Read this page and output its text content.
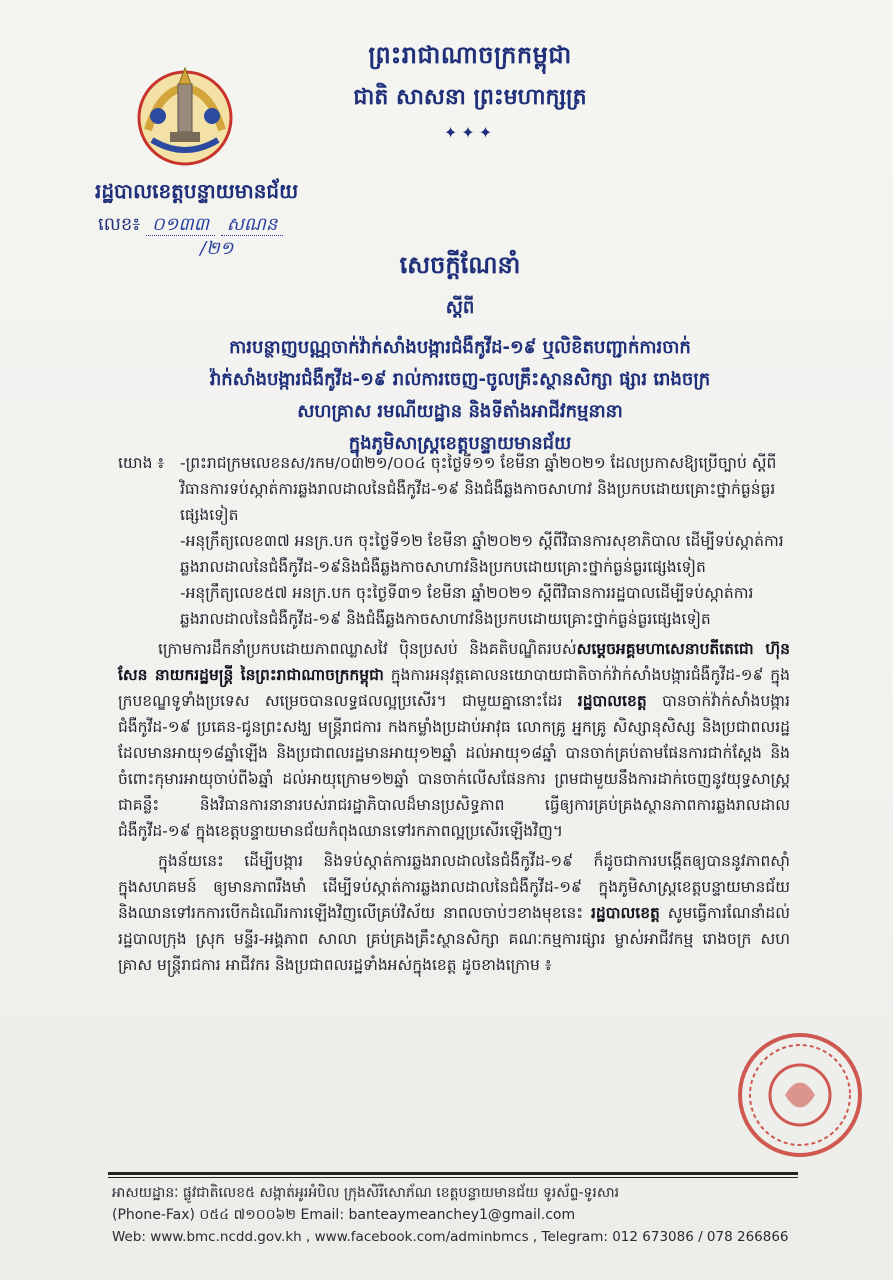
ព្រះរាជាណាចក្រកម្ពុជា
ជាតិ សាសនា ព្រះមហាក្សត្រ
✦✦✦
រដ្ឋបាលខេត្តបន្ទាយមានជ័យ
លេខ៖ ០១៣៣ សណន
/២១
សេចក្ដីណែនាំ
ស្ដីពី
ការបន្ថាញបណ្ណចាក់វ៉ាក់សាំងបង្ការជំងឺកូវីដ-១៩ ឬលិខិតបញ្ជាក់ការចាក់
វ៉ាក់សាំងបង្ការជំងឺកូវីដ-១៩ រាល់ការចេញ-ចូលគ្រឹះស្ថានសិក្សា ផ្សារ រោងចក្រ
សហគ្រាស រមណីយដ្ឋាន និងទីតាំងអាជីវកម្មនានា
ក្នុងភូមិសាស្ត្រខេត្តបន្ទាយមានជ័យ
យោង ៖	-ព្រះរាជក្រមលេខនស/រកម/០៣២១/០០៤ ចុះថ្ងៃទី១១ ខែមីនា ឆ្នាំ២០២១ ដែលប្រកាសឱ្យប្រើច្បាប់ ស្តីពីវិធានការទប់ស្កាត់ការឆ្លងរាលដាលនៃជំងឺកូវីដ-១៩ និងជំងឺឆ្លងកាចសាហាវ និងប្រកបដោយគ្រោះថ្នាក់ធ្ងន់ធ្ងរផ្សេងទៀត
-អនុក្រឹត្យលេខ៣៧ អនក្រ.បក ចុះថ្ងៃទី១២ ខែមីនា ឆ្នាំ២០២១ ស្តីពីវិធានការសុខាភិបាល ដើម្បីទប់ស្កាត់ការឆ្លងរាលដាលនៃជំងឺកូវីដ-១៩និងជំងឺឆ្លងកាចសាហាវនិងប្រកបដោយគ្រោះថ្នាក់ធ្ងន់ធ្ងរផ្សេងទៀត
-អនុក្រឹត្យលេខ៥៧ អនក្រ.បក ចុះថ្ងៃទី៣១ ខែមីនា ឆ្នាំ២០២១ ស្តីពីវិធានការរដ្ឋបាលដើម្បីទប់ស្កាត់ការឆ្លងរាលដាលនៃជំងឺកូវីដ-១៩ និងជំងឺឆ្លងកាចសាហាវនិងប្រកបដោយគ្រោះថ្នាក់ធ្ងន់ធ្ងរផ្សេងទៀត
ក្រោមការដឹកនាំប្រកបដោយភាពឈ្លាសវៃ ប៉ិនប្រសប់ និងគតិបណ្ឌិតរបស់សម្តេចអគ្គមហាសេនាបតីតេជោ ហ៊ុន សែន នាយករដ្ឋមន្ត្រី នៃព្រះរាជាណាចក្រកម្ពុជា ក្នុងការអនុវត្តគោលនយោបាយជាតិចាក់វ៉ាក់សាំងបង្ការជំងឺកូវីដ-១៩ ក្នុងក្របខណ្ឌទូទាំងប្រទេស សម្រេចបានលទ្ធផលល្អប្រសើរ។ ជាមួយគ្នានោះដែរ រដ្ឋបាលខេត្ត បានចាក់វ៉ាក់សាំងបង្ការជំងឺកូវីដ-១៩ ប្រគេន-ជូនព្រះសង្ឃ មន្ត្រីរាជការ កងកម្លាំងប្រដាប់អាវុធ លោកគ្រូ អ្នកគ្រូ សិស្សានុសិស្ស និងប្រជាពលរដ្ឋ ដែលមានអាយុ១៨ឆ្នាំឡើង និងប្រជាពលរដ្ឋមានអាយុ១២ឆ្នាំ ដល់អាយុ១៨ឆ្នាំ បានចាក់គ្រប់តាមផែនការជាក់ស្តែង និងចំពោះកុមារអាយុចាប់ពី៦ឆ្នាំ ដល់អាយុក្រោម១២ឆ្នាំ បានចាក់លើសផែនការ ព្រមជាមួយនឹងការដាក់ចេញនូវយុទ្ធសាស្ត្រជាគន្លឹះ និងវិធានការនានារបស់រាជរដ្ឋាភិបាលដ៏មានប្រសិទ្ធភាព ធ្វើឲ្យការគ្រប់គ្រងស្ថានភាពការឆ្លងរាលដាលជំងឺកូវីដ-១៩ ក្នុងខេត្តបន្ទាយមានជ័យកំពុងឈានទៅរកភាពល្អប្រសើរឡើងវិញ។
ក្នុងន័យនេះ ដើម្បីបង្ការ និងទប់ស្កាត់ការឆ្លងរាលដាលនៃជំងឺកូវីដ-១៩ ក៏ដូចជាការបង្កើតឲ្យបាននូវភាពស៊ាំក្នុងសហគមន៍ ឲ្យមានភាពរឹងមាំ ដើម្បីទប់ស្កាត់ការឆ្លងរាលដាលនៃជំងឺកូវីដ-១៩ ក្នុងភូមិសាស្ត្រខេត្តបន្ទាយមានជ័យ និងឈានទៅរកការបើកដំណើរការឡើងវិញលើគ្រប់វិស័យ នាពលចាប់ៗខាងមុខនេះ រដ្ឋបាលខេត្ត សូមធ្វើការណែនាំដល់ រដ្ឋបាលក្រុង ស្រុក មន្ទីរ-អង្គភាព សាលា គ្រប់គ្រងគ្រឹះស្ថានសិក្សា គណៈកម្មការផ្សារ ម្ចាស់អាជីវកម្ម រោងចក្រ សហគ្រាស មន្ត្រីរាជការ អាជីវករ និងប្រជាពលរដ្ឋទាំងអស់ក្នុងខេត្ត ដូចខាងក្រោម ៖
អាសយដ្ឋានៈ ផ្លូវជាតិលេខ៥ សង្កាត់អូរអំបិល ក្រុងសិរីសោភ័ណ ខេត្តបន្ទាយមានជ័យ ទូរស័ព្ទ-ទូរសារ
(Phone-Fax) ០៥៤ ៧១០០៦២ Email: banteaymeanchey1@gmail.com
Web: www.bmc.ncdd.gov.kh , www.facebook.com/adminbmcs , Telegram: 012 673086 / 078 266866
